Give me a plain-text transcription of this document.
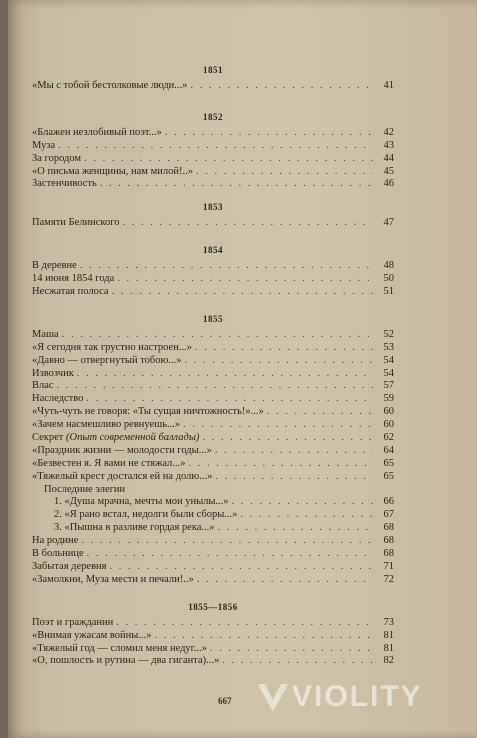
1851
«Мы с тобой бестолковые люди...» . . .	41
1852
«Блажен незлобивый поэт...» . . .	42
Муза . . .	43
За городом . . .	44
«О письма женщины, нам милой!..» . . .	45
Застенчивость . . .	46
1853
Памяти Белинского . . .	47
1854
В деревне . . .	48
14 июня 1854 года . . .	50
Несжатая полоса . . .	51
1855
Маша . . .	52
«Я сегодня так грустно настроен...» . . .	53
«Давно — отвергнутый тобою...» . . .	54
Извозчик . . .	54
Влас . . .	57
Наследство . . .	59
«Чуть-чуть не говоря: «Ты сущая ничтожность!»...» . . .	60
«Зачем насмешливо ревнуешь...» . . .	60
Секрет (Опыт современной баллады) . . .	62
«Праздник жизни — молодости годы...» . . .	64
«Безвестен я. Я вами не стяжал...» . . .	65
«Тяжелый крест достался ей на долю...» . . .	65
Последние элегии
1. «Душа мрачна, мечты мои унылы...» . . .	66
2. «Я рано встал, недолги были сборы...» . . .	67
3. «Пышна в разливе гордая река...» . . .	68
На родине . . .	68
В больнице . . .	68
Забытая деревня . . .	71
«Замолкни, Муза мести и печали!..» . . .	72
1855—1856
Поэт и гражданин . . .	73
«Внимая ужасам войны...» . . .	81
«Тяжелый год — сломил меня недуг...» . . .	81
«О, пошлость и рутина — два гиганта)...» . . .	82
667 VIOLITY
